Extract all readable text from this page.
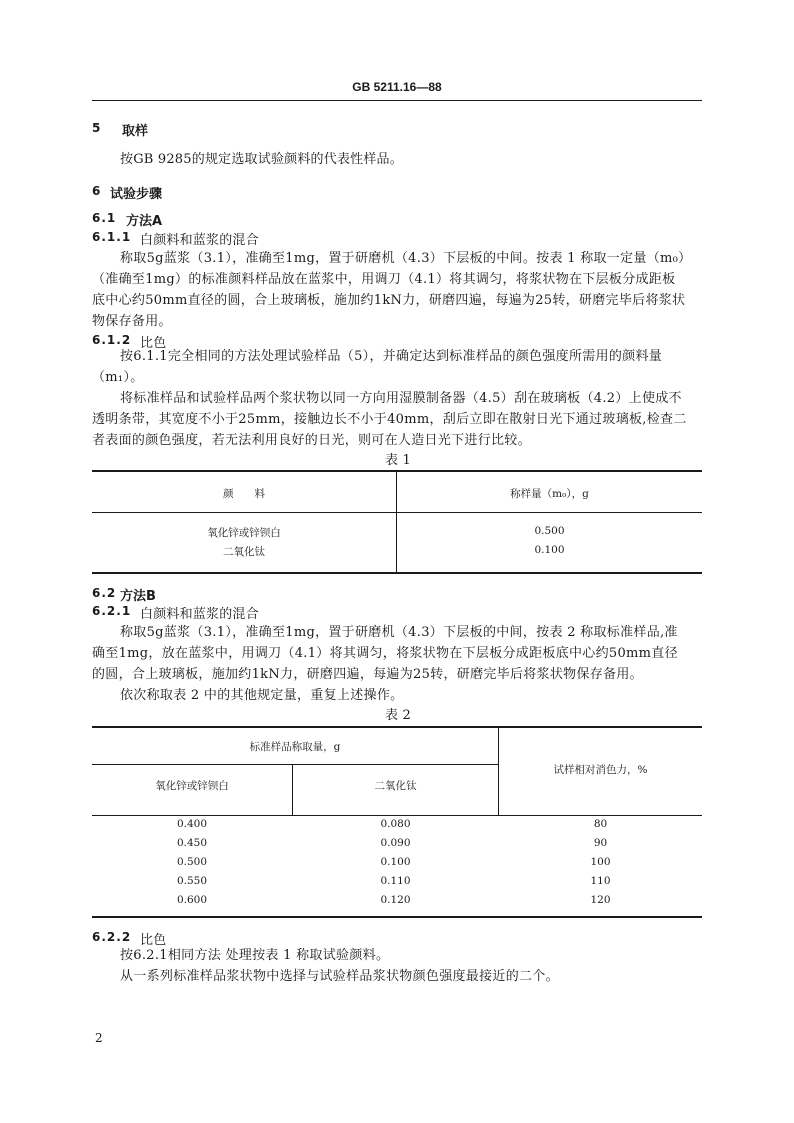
GB 5211.16—88
5 取样
按GB 9285的规定选取试验颜料的代表性样品。
6 试验步骤
6.1 方法A
6.1.1 白颜料和蓝浆的混合
称取5g蓝浆（3.1），准确至1mg，置于研磨机（4.3）下层板的中间。按表 1 称取一定量（m₀）
（准确至1mg）的标准颜料样品放在蓝浆中，用调刀（4.1）将其调匀，将浆状物在下层板分成距板
底中心约50mm直径的圆，合上玻璃板，施加约1kN力，研磨四遍，每遍为25转，研磨完毕后将浆状
物保存备用。
6.1.2 比色
按6.1.1完全相同的方法处理试验样品（5），并确定达到标准样品的颜色强度所需用的颜料量
（m₁）。
将标准样品和试验样品两个浆状物以同一方向用湿膜制备器（4.5）刮在玻璃板（4.2）上使成不
透明条带，其宽度不小于25mm，接触边长不小于40mm，刮后立即在散射日光下通过玻璃板,检查二
者表面的颜色强度，若无法利用良好的日光，则可在人造日光下进行比较。
表 1
颜　　料	称样量（m₀），g
氧化锌或锌钡白	0.500
二氧化钛	0.100
6.2 方法B
6.2.1 白颜料和蓝浆的混合
称取5g蓝浆（3.1），准确至1mg，置于研磨机（4.3）下层板的中间，按表 2 称取标准样品,准
确至1mg，放在蓝浆中，用调刀（4.1）将其调匀，将浆状物在下层板分成距板底中心约50mm直径
的圆，合上玻璃板，施加约1kN力，研磨四遍，每遍为25转，研磨完毕后将浆状物保存备用。
依次称取表 2 中的其他规定量，重复上述操作。
表 2
标准样品称取量，g
氧化锌或锌钡白	二氧化钛
试样相对消色力，%
0.400	0.080	80
0.450	0.090	90
0.500	0.100	100
0.550	0.110	110
0.600	0.120	120
6.2.2 比色
按6.2.1相同方法 处理按表 1 称取试验颜料。
从一系列标准样品浆状物中选择与试验样品浆状物颜色强度最接近的二个。
2
